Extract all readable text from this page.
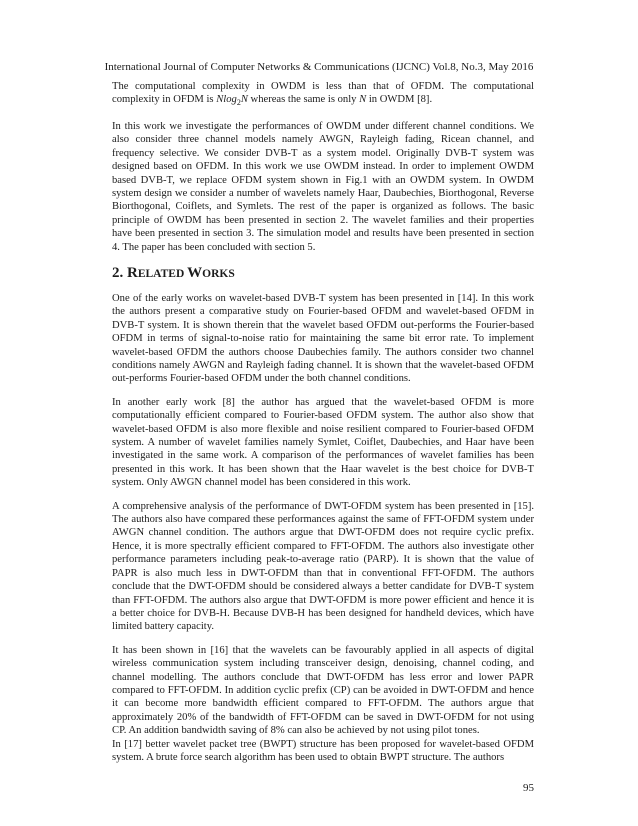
International Journal of Computer Networks & Communications (IJCNC) Vol.8, No.3, May 2016

The computational complexity in OWDM is less than that of OFDM. The computational complexity in OFDM is Nlog$_2$N whereas the same is only N in OWDM [8].

In this work we investigate the performances of OWDM under different channel conditions. We also consider three channel models namely AWGN, Rayleigh fading, Ricean channel, and frequency selective. We consider DVB-T as a system model. Originally DVB-T system was designed based on OFDM. In this work we use OWDM instead. In order to implement OWDM based DVB-T, we replace OFDM system shown in Fig.1 with an OWDM system. In OWDM system design we consider a number of wavelets namely Haar, Daubechies, Biorthogonal, Reverse Biorthogonal, Coiflets, and Symlets. The rest of the paper is organized as follows. The basic principle of OWDM has been presented in section 2. The wavelet families and their properties have been presented in section 3. The simulation model and results have been presented in section 4. The paper has been concluded with section 5.

2. RELATED WORKS

One of the early works on wavelet-based DVB-T system has been presented in [14]. In this work the authors present a comparative study on Fourier-based OFDM and wavelet-based OFDM in DVB-T system. It is shown therein that the wavelet based OFDM out-performs the Fourier-based OFDM in terms of signal-to-noise ratio for maintaining the same bit error rate. To implement wavelet-based OFDM the authors choose Daubechies family. The authors consider two channel conditions namely AWGN and Rayleigh fading channel. It is shown that the wavelet-based OFDM out-performs Fourier-based OFDM under the both channel conditions.

In another early work [8] the author has argued that the wavelet-based OFDM is more computationally efficient compared to Fourier-based OFDM system. The author also show that wavelet-based OFDM is also more flexible and noise resilient compared to Fourier-based OFDM system. A number of wavelet families namely Symlet, Coiflet, Daubechies, and Haar have been investigated in the same work. A comparison of the performances of wavelet families has been presented in this work. It has been shown that the Haar wavelet is the best choice for DVB-T system. Only AWGN channel model has been considered in this work.

A comprehensive analysis of the performance of DWT-OFDM system has been presented in [15]. The authors also have compared these performances against the same of FFT-OFDM system under AWGN channel condition. The authors argue that DWT-OFDM does not require cyclic prefix. Hence, it is more spectrally efficient compared to FFT-OFDM. The authors also investigate other performance parameters including peak-to-average ratio (PARP). It is shown that the value of PAPR is also much less in DWT-OFDM than that in conventional FFT-OFDM. The authors conclude that the DWT-OFDM should be considered always a better candidate for DVB-T system than FFT-OFDM. The authors also argue that DWT-OFDM is more power efficient and hence it is a better choice for DVB-H. Because DVB-H has been designed for handheld devices, which have limited battery capacity.

It has been shown in [16] that the wavelets can be favourably applied in all aspects of digital wireless communication system including transceiver design, denoising, channel coding, and channel modelling. The authors conclude that DWT-OFDM has less error and lower PAPR compared to FFT-OFDM. In addition cyclic prefix (CP) can be avoided in DWT-OFDM and hence it can become more bandwidth efficient compared to FFT-OFDM. The authors argue that approximately 20% of the bandwidth of FFT-OFDM can be saved in DWT-OFDM for not using CP. An addition bandwidth saving of 8% can also be achieved by not using pilot tones.

In [17] better wavelet packet tree (BWPT) structure has been proposed for wavelet-based OFDM system. A brute force search algorithm has been used to obtain BWPT structure. The authors

95
